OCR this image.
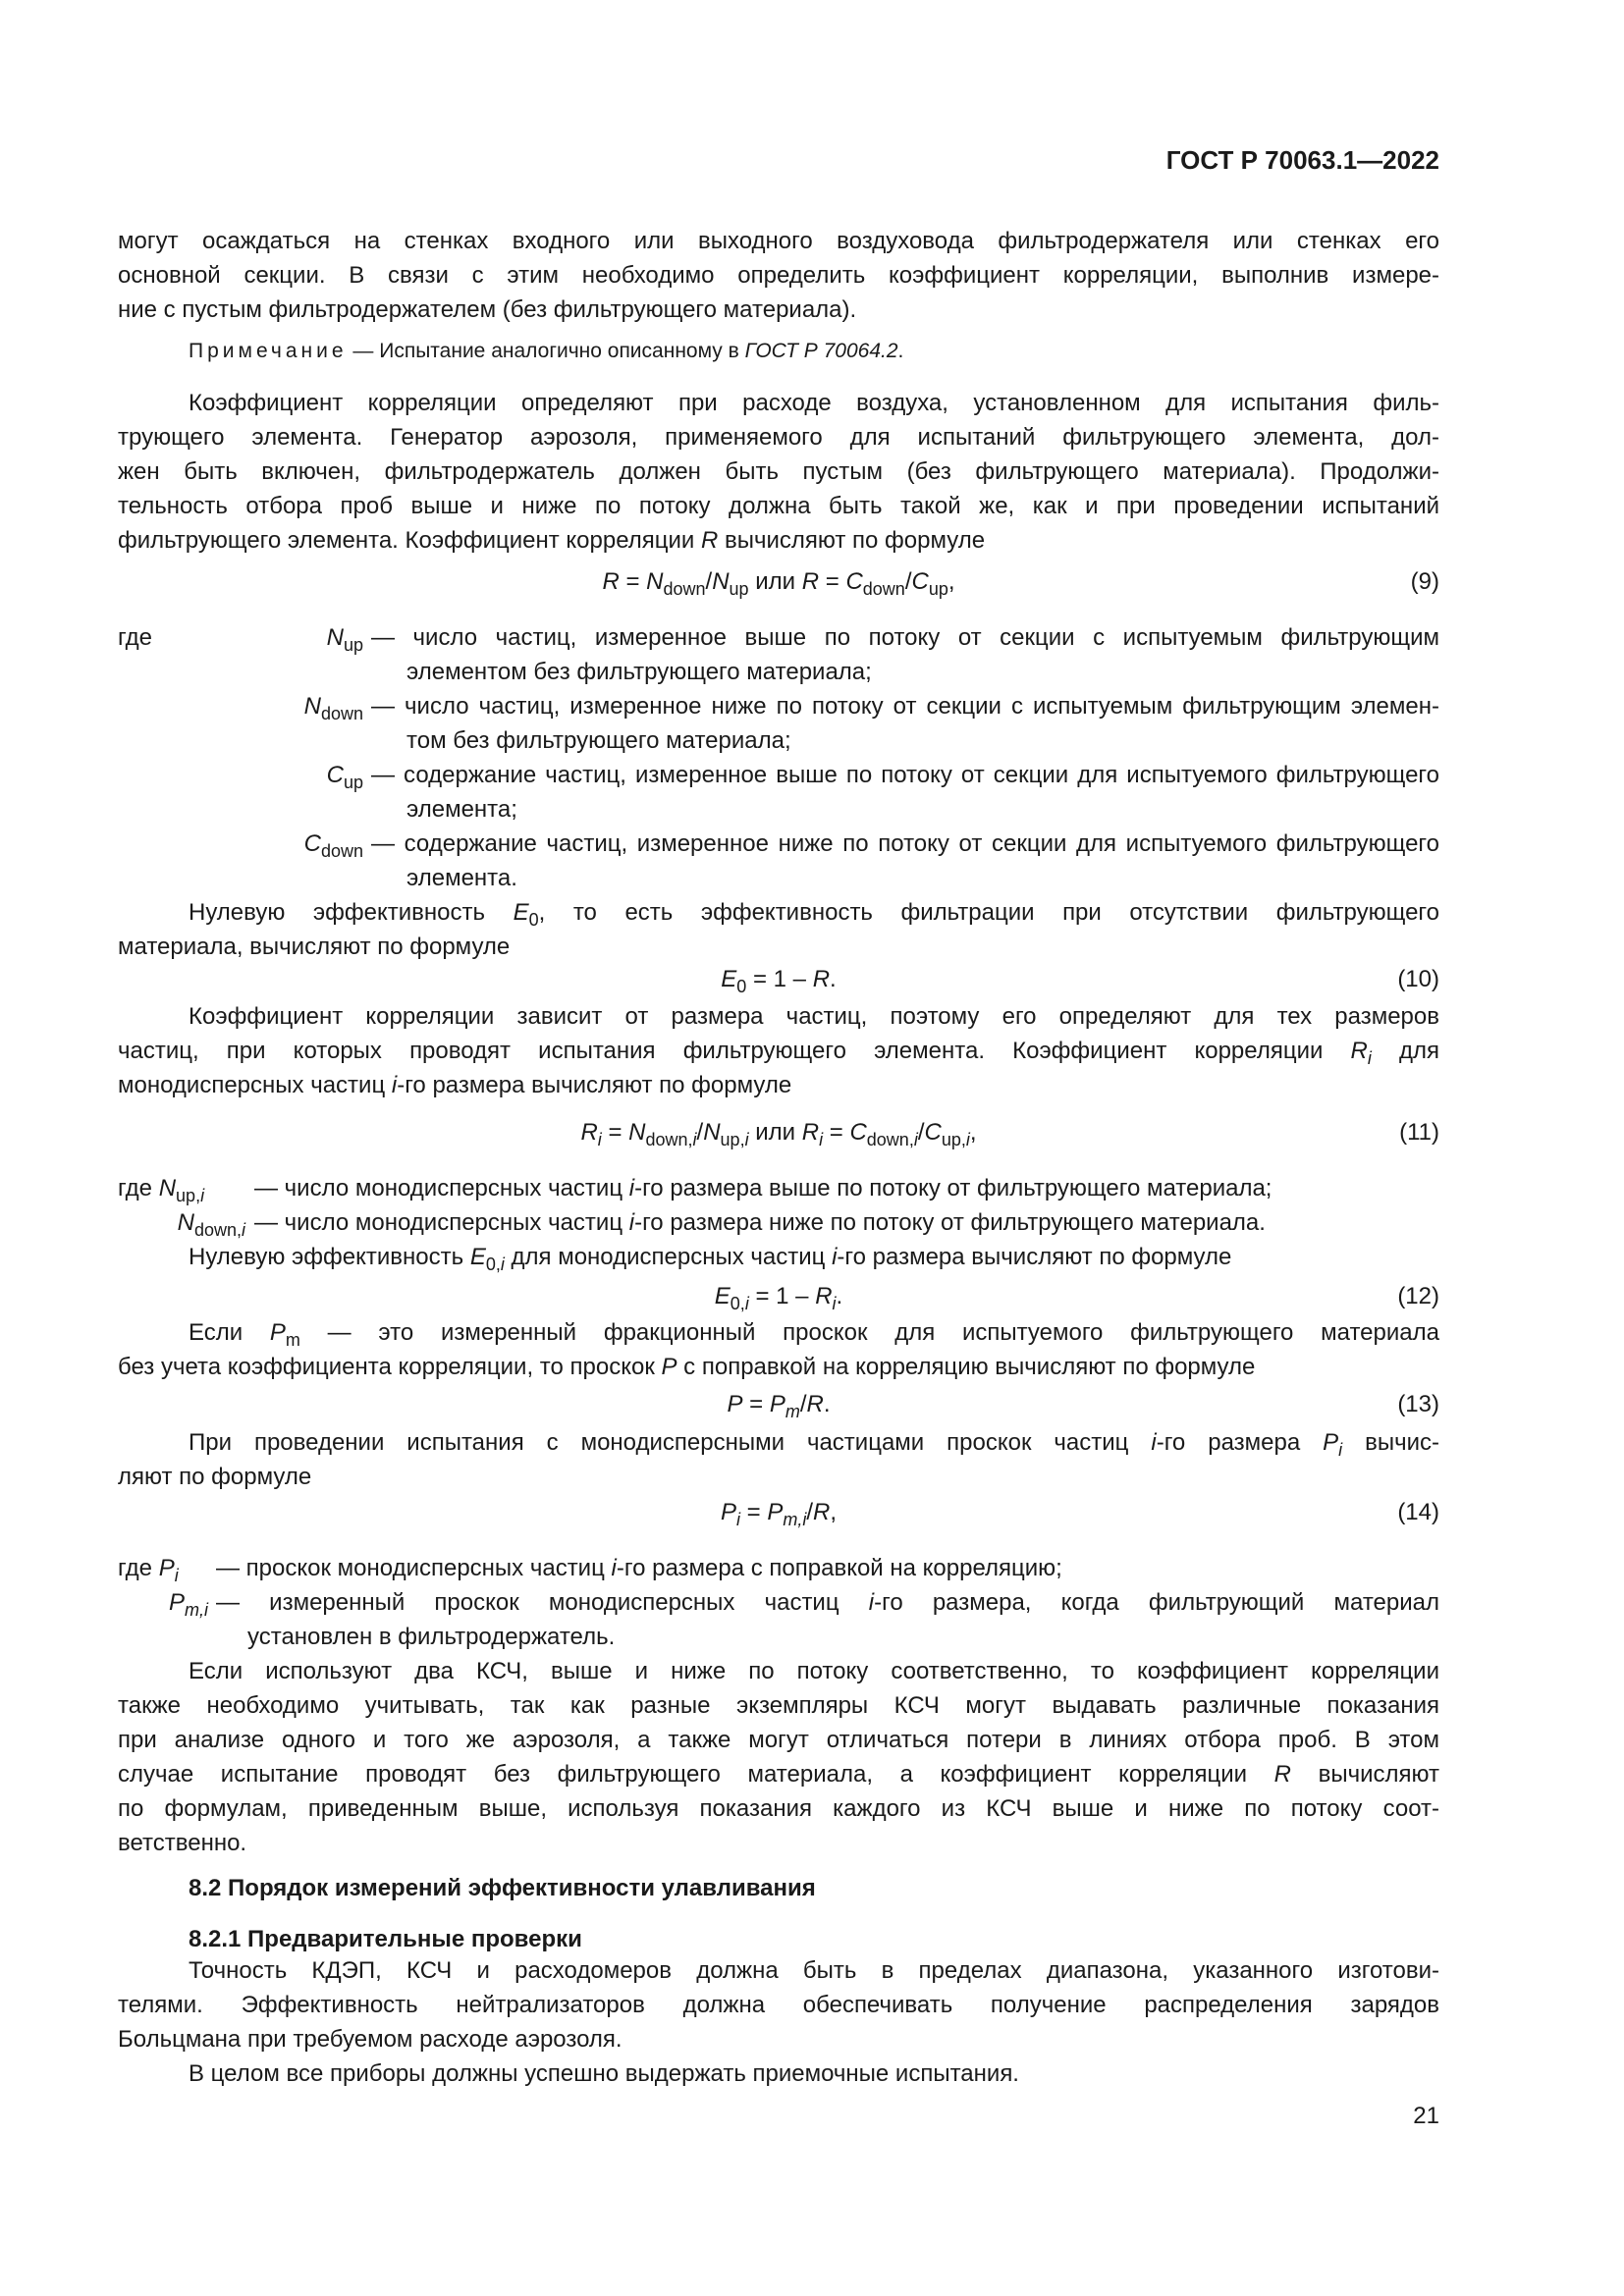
ГОСТ Р 70063.1—2022
могут осаждаться на стенках входного или выходного воздуховода фильтродержателя или стенках его
основной секции. В связи с этим необходимо определить коэффициент корреляции, выполнив измере-
ние с пустым фильтродержателем (без фильтрующего материала).
Примечание — Испытание аналогично описанному в ГОСТ Р 70064.2.
Коэффициент корреляции определяют при расходе воздуха, установленном для испытания филь-
трующего элемента. Генератор аэрозоля, применяемого для испытаний фильтрующего элемента, дол-
жен быть включен, фильтродержатель должен быть пустым (без фильтрующего материала). Продолжи-
тельность отбора проб выше и ниже по потоку должна быть такой же, как и при проведении испытаний
фильтрующего элемента. Коэффициент корреляции R вычисляют по формуле
$R = N_{down}/N_{up}$ или $R = C_{down}/C_{up}$,	(9)
где	$N_{up}$ — число частиц, измеренное выше по потоку от секции с испытуемым фильтрующим
элементом без фильтрующего материала;
$N_{down}$ — число частиц, измеренное ниже по потоку от секции с испытуемым фильтрующим элемен-
том без фильтрующего материала;
$C_{up}$ — содержание частиц, измеренное выше по потоку от секции для испытуемого фильтрующего
элемента;
$C_{down}$ — содержание частиц, измеренное ниже по потоку от секции для испытуемого фильтрующего
элемента.
Нулевую эффективность $E_0$, то есть эффективность фильтрации при отсутствии фильтрующего
материала, вычисляют по формуле
$E_0 = 1 - R$.	(10)
Коэффициент корреляции зависит от размера частиц, поэтому его определяют для тех размеров
частиц, при которых проводят испытания фильтрующего элемента. Коэффициент корреляции $R_i$ для
монодисперсных частиц i-го размера вычисляют по формуле
$R_i = N_{down,i}/N_{up,i}$ или $R_i = C_{down,i}/C_{up,i}$,	(11)
где $N_{up,i}$ — число монодисперсных частиц i-го размера выше по потоку от фильтрующего материала;
$N_{down,i}$ — число монодисперсных частиц i-го размера ниже по потоку от фильтрующего материала.
Нулевую эффективность $E_{0,i}$ для монодисперсных частиц i-го размера вычисляют по формуле
$E_{0,i} = 1 - R_i$.	(12)
Если $P_m$ — это измеренный фракционный проскок для испытуемого фильтрующего материала
без учета коэффициента корреляции, то проскок P с поправкой на корреляцию вычисляют по формуле
$P = P_m/R$.	(13)
При проведении испытания с монодисперсными частицами проскок частиц i-го размера $P_i$ вычис-
ляют по формуле
$P_i = P_{m,i}/R$,	(14)
где $P_i$ — проскок монодисперсных частиц i-го размера с поправкой на корреляцию;
$P_{m,i}$ — измеренный проскок монодисперсных частиц i-го размера, когда фильтрующий материал
установлен в фильтродержатель.
Если используют два КСЧ, выше и ниже по потоку соответственно, то коэффициент корреляции
также необходимо учитывать, так как разные экземпляры КСЧ могут выдавать различные показания
при анализе одного и того же аэрозоля, а также могут отличаться потери в линиях отбора проб. В этом
случае испытание проводят без фильтрующего материала, а коэффициент корреляции R вычисляют
по формулам, приведенным выше, используя показания каждого из КСЧ выше и ниже по потоку соот-
ветственно.
8.2 Порядок измерений эффективности улавливания
8.2.1 Предварительные проверки
Точность КДЭП, КСЧ и расходомеров должна быть в пределах диапазона, указанного изготови-
телями. Эффективность нейтрализаторов должна обеспечивать получение распределения зарядов
Больцмана при требуемом расходе аэрозоля.
В целом все приборы должны успешно выдержать приемочные испытания.
21
